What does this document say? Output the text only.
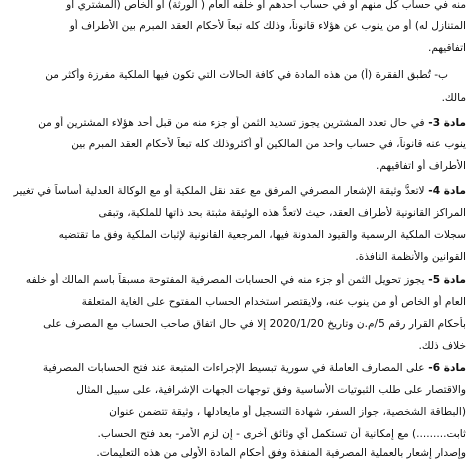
منه في حساب كل منهم أو في حساب أحدهم أو خلفه العام ( الورثة) أو الخاص (المشتري أو
المتنازل له) أو من ينوب عن هؤلاء قانوناً، وذلك كله تبعاً لأحكام العقد المبرم بين الأطراف أو
اتفاقيهم.
ب- تُطبق الفقرة (أ) من هذه المادة في كافة الحالات التي تكون فيها الملكية مفرزة وأكثر من
مالك.
مادة 3- في حال تعدد المشترين يجوز تسديد الثمن أو جزء منه من قبل أحد هؤلاء المشترين أو من
ينوب عنه قانوناً، في حساب واحد من المالكين أو أكثروذلك كله تبعاً لأحكام العقد المبرم بين
الأطراف أو اتفاقيهم.
مادة 4- لاتعدُّ وثيقة الإشعار المصرفي المرفق مع عقد نقل الملكية أو مع الوكالة العدلية أساساً في تغيير
المراكز القانونية لأطراف العقد، حيث لاتعدُّ هذه الوثيقة مثبتة بحد ذاتها للملكية، وتبقى
سجلات الملكية الرسمية والقيود المدونة فيها، المرجعية القانونية لإثبات الملكية وفق ما تقتضيه
القوانين والأنظمة النافذة.
مادة 5- يجوز تحويل الثمن أو جزء منه في الحسابات المصرفية المفتوحة مسبقاً باسم المالك أو خلفه
العام أو الخاص أو من ينوب عنه، ولايقتصر استخدام الحساب المفتوح على الغاية المتعلقة
بأحكام القرار رقم 5/م.ن وتاريخ 2020/1/20 إلا في حال اتفاق صاحب الحساب مع المصرف على
خلاف ذلك.
مادة 6- على المصارف العاملة في سورية تبسيط الإجراءات المتبعة عند فتح الحسابات المصرفية
والاقتصار على طلب الثبوتيات الأساسية وفق توجهات الجهات الإشرافية، على سبيل المثال
(البطاقة الشخصية، جواز السفر، شهادة التسجيل أو مايعادلها ، وثيقة تتضمن عنوان
ثابت.........) مع إمكانية أن تستكمل أي وثائق أخرى - إن لزم الأمر- بعد فتح الحساب.
وإصدار إشعار بالعملية المصرفية المنفذة وفق أحكام المادة الأولى من هذه التعليمات.
